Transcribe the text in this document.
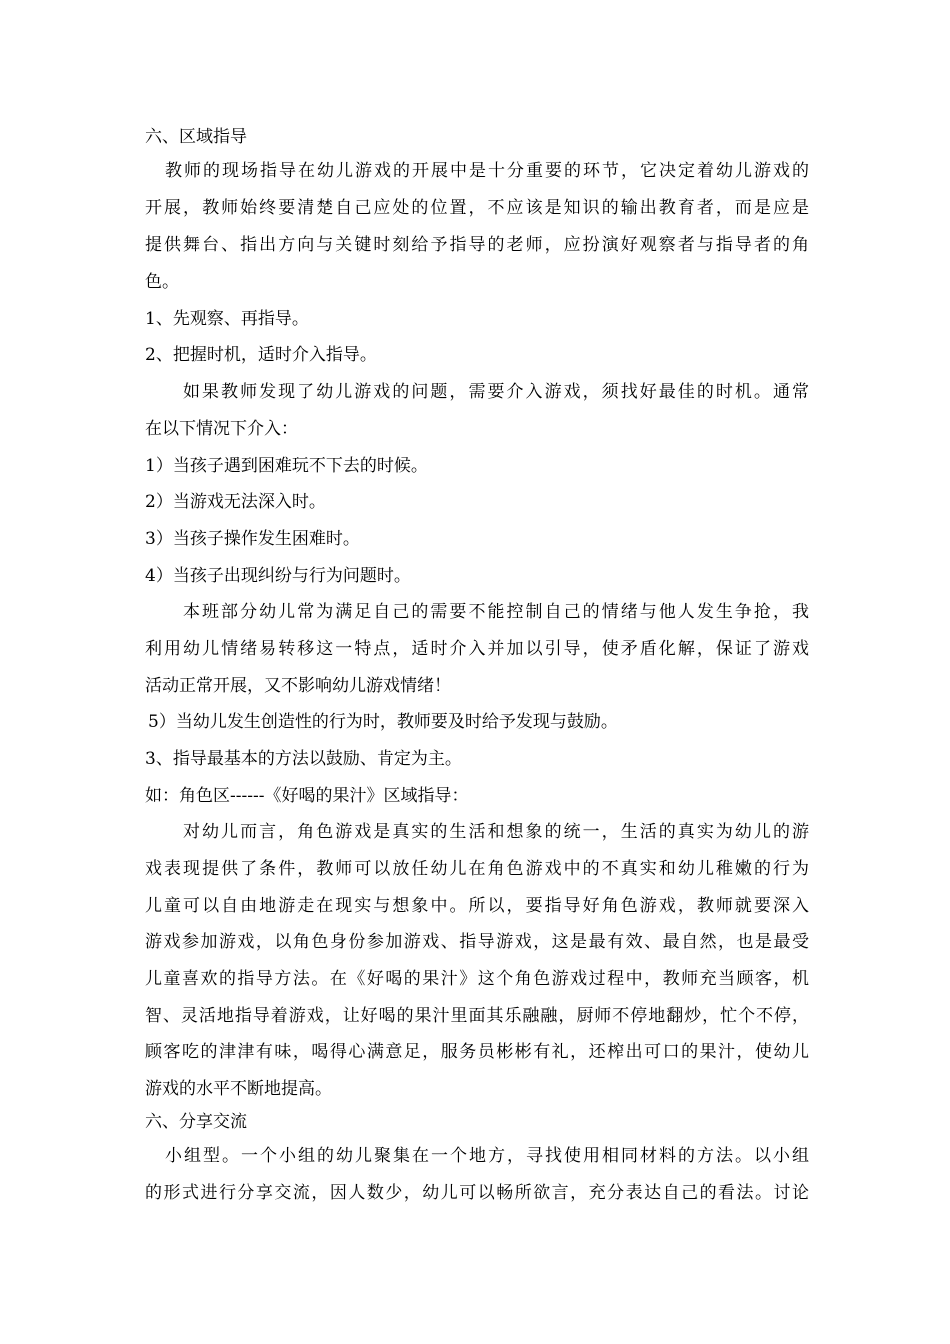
六、区域指导
教师的现场指导在幼儿游戏的开展中是十分重要的环节，它决定着幼儿游戏的
开展，教师始终要清楚自己应处的位置，不应该是知识的输出教育者，而是应是
提供舞台、指出方向与关键时刻给予指导的老师，应扮演好观察者与指导者的角
色。
1、先观察、再指导。
2、把握时机，适时介入指导。
如果教师发现了幼儿游戏的问题，需要介入游戏，须找好最佳的时机。通常
在以下情况下介入：
1）当孩子遇到困难玩不下去的时候。
2）当游戏无法深入时。
3）当孩子操作发生困难时。
4）当孩子出现纠纷与行为问题时。
本班部分幼儿常为满足自己的需要不能控制自己的情绪与他人发生争抢，我
利用幼儿情绪易转移这一特点，适时介入并加以引导，使矛盾化解，保证了游戏
活动正常开展，又不影响幼儿游戏情绪！
5）当幼儿发生创造性的行为时，教师要及时给予发现与鼓励。
3、指导最基本的方法以鼓励、肯定为主。
如：角色区------《好喝的果汁》区域指导：
对幼儿而言，角色游戏是真实的生活和想象的统一，生活的真实为幼儿的游
戏表现提供了条件，教师可以放任幼儿在角色游戏中的不真实和幼儿稚嫩的行为
儿童可以自由地游走在现实与想象中。所以，要指导好角色游戏，教师就要深入
游戏参加游戏，以角色身份参加游戏、指导游戏，这是最有效、最自然，也是最受
儿童喜欢的指导方法。在《好喝的果汁》这个角色游戏过程中，教师充当顾客，机
智、灵活地指导着游戏，让好喝的果汁里面其乐融融，厨师不停地翻炒，忙个不停，
顾客吃的津津有味，喝得心满意足，服务员彬彬有礼，还榨出可口的果汁，使幼儿
游戏的水平不断地提高。
六、分享交流
小组型。一个小组的幼儿聚集在一个地方，寻找使用相同材料的方法。以小组
的形式进行分享交流，因人数少，幼儿可以畅所欲言，充分表达自己的看法。讨论
